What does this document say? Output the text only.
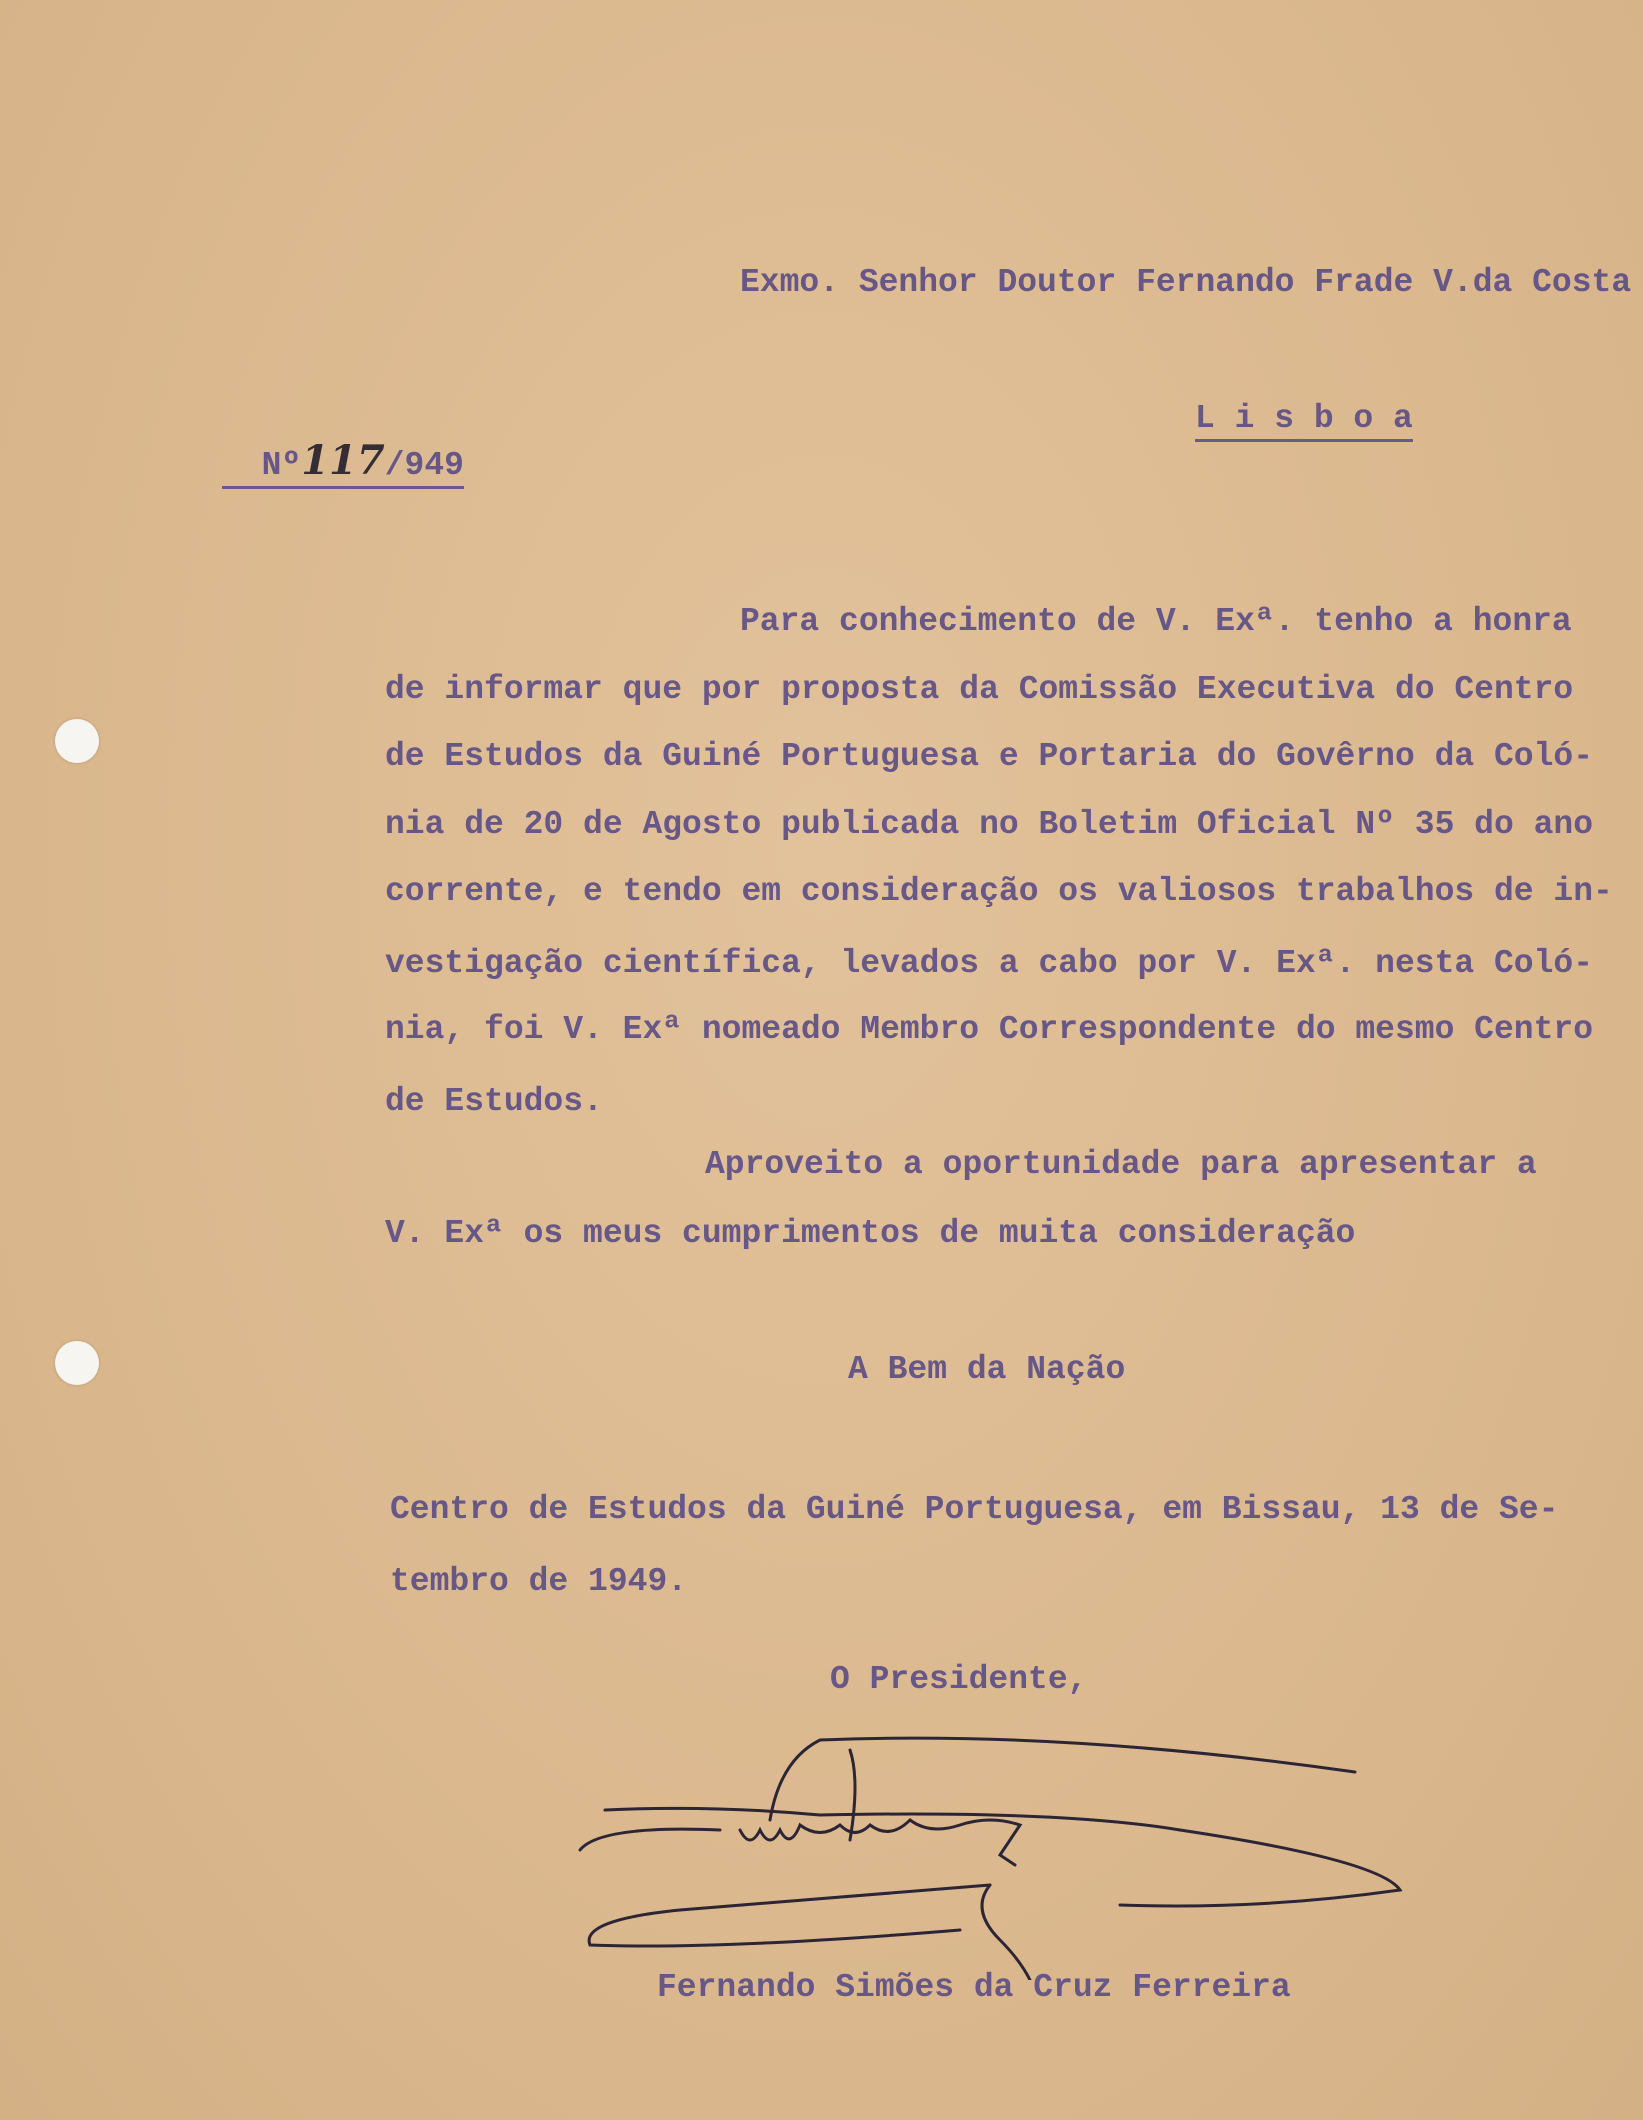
Exmo. Senhor Doutor Fernando Frade V.da Costa

Nº117/949

L i s b o a
Para conhecimento de V. Exª. tenho a honra
de informar que por proposta da Comissão Executiva do Centro
de Estudos da Guiné Portuguesa e Portaria do Govêrno da Coló-
nia de 20 de Agosto publicada no Boletim Oficial Nº 35 do ano
corrente, e tendo em consideração os valiosos trabalhos de in-
vestigação científica, levados a cabo por V. Exª. nesta Coló-
nia, foi V. Exª nomeado Membro Correspondente do mesmo Centro
de Estudos.
Aproveito a oportunidade para apresentar a
V. Exª os meus cumprimentos de muita consideração
A Bem da Nação
Centro de Estudos da Guiné Portuguesa, em Bissau, 13 de Se-
tembro de 1949.
O Presidente,
Fernando Simões da Cruz Ferreira
